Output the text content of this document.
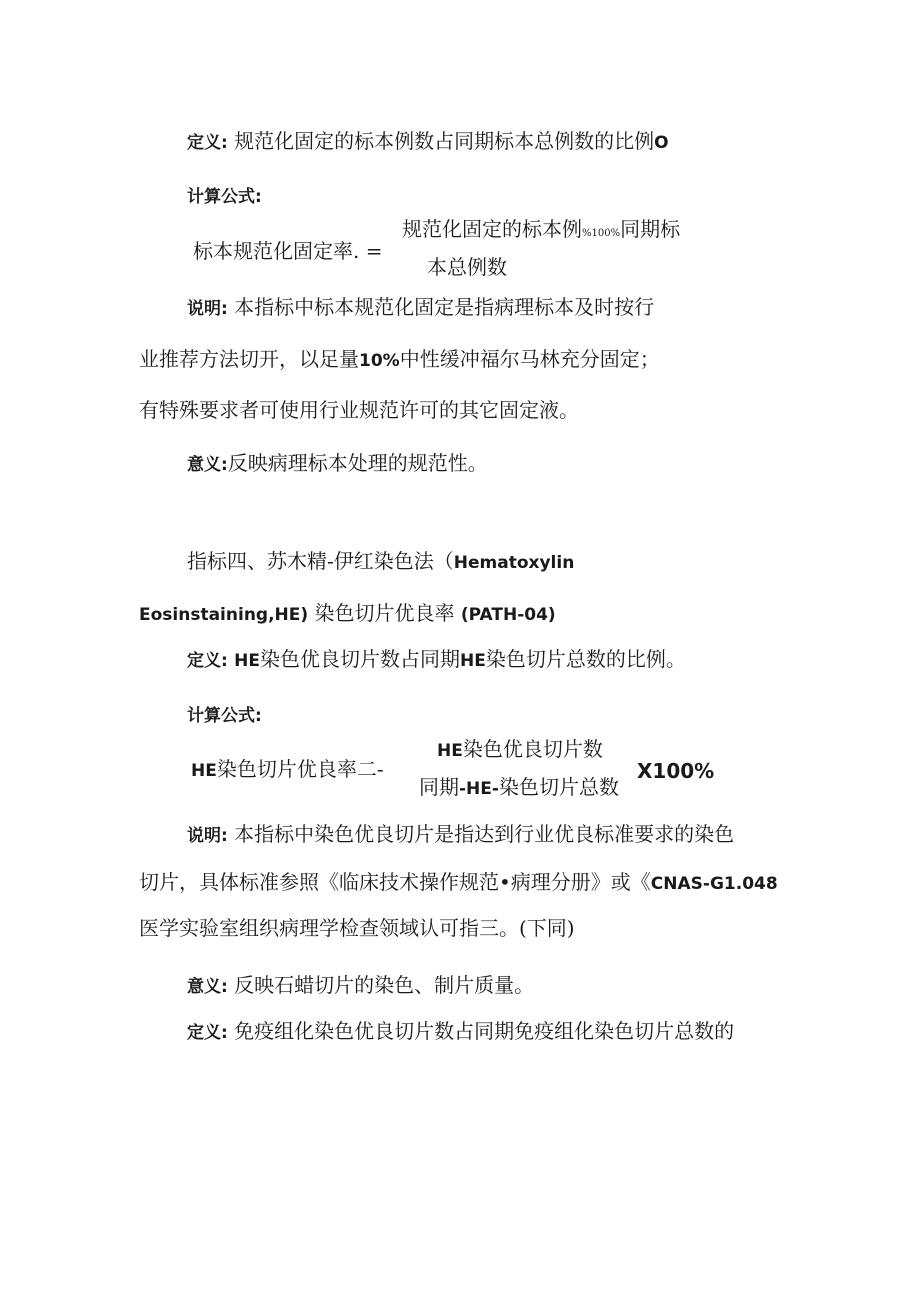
定义: 规范化固定的标本例数占同期标本总例数的比例O
计算公式:
标本规范化固定率. =
规范化固定的标本例%100%同期标
本总例数
说明: 本指标中标本规范化固定是指病理标本及时按行
业推荐方法切开，以足量10%中性缓冲福尔马林充分固定；
有特殊要求者可使用行业规范许可的其它固定液。
意义:反映病理标本处理的规范性。
指标四、苏木精-伊红染色法（Hematoxylin
Eosinstaining,HE) 染色切片优良率 (PATH-04)
定义: HE染色优良切片数占同期HE染色切片总数的比例。
计算公式:
HE染色切片优良率二-
HE染色优良切片数
同期-HE-染色切片总数
X100%
说明: 本指标中染色优良切片是指达到行业优良标准要求的染色
切片，具体标准参照《临床技术操作规范•病理分册》或《CNAS-G1.048
医学实验室组织病理学检查领域认可指三。(下同)
意义: 反映石蜡切片的染色、制片质量。
定义: 免疫组化染色优良切片数占同期免疫组化染色切片总数的
